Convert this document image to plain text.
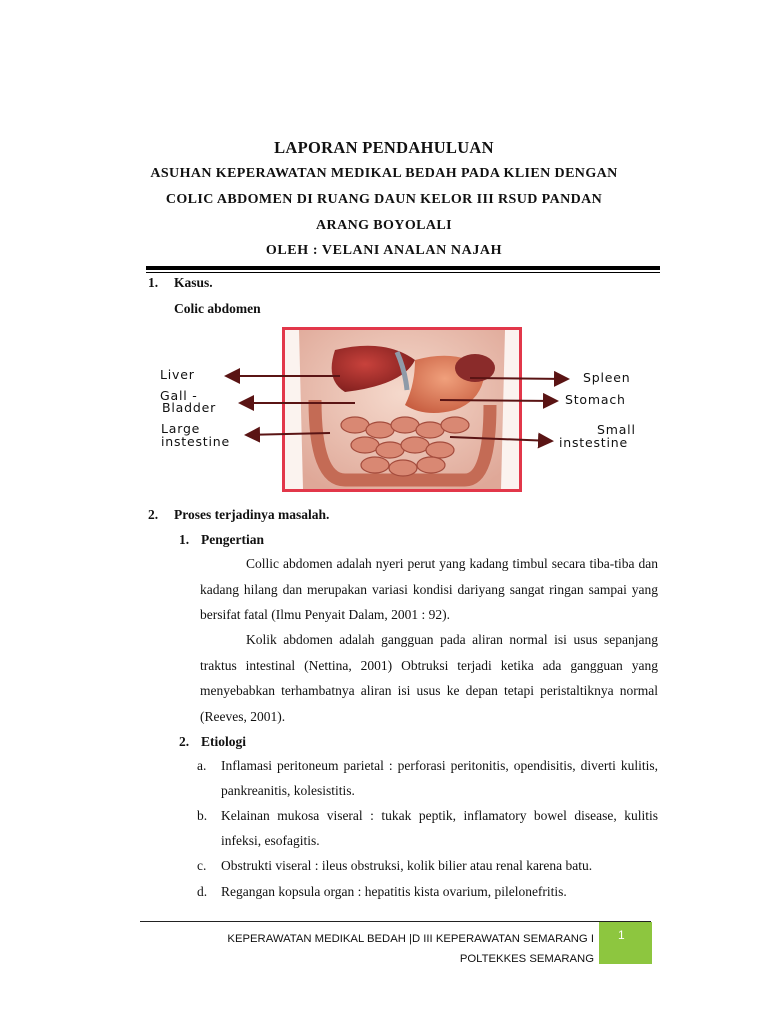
LAPORAN PENDAHULUAN
ASUHAN KEPERAWATAN MEDIKAL BEDAH PADA KLIEN DENGAN
COLIC ABDOMEN DI RUANG DAUN KELOR III RSUD PANDAN
ARANG BOYOLALI
OLEH : VELANI ANALAN NAJAH
1. Kasus.
Colic abdomen
Liver
Gall -
Bladder
Large
instestine
Spleen
Stomach
Small
instestine
2. Proses terjadinya masalah.
1. Pengertian
Collic abdomen adalah nyeri perut yang kadang timbul secara tiba-tiba dan kadang hilang dan merupakan variasi kondisi dariyang sangat ringan sampai yang bersifat fatal (Ilmu Penyait Dalam, 2001 : 92).
Kolik abdomen adalah gangguan pada aliran normal isi usus sepanjang traktus intestinal (Nettina, 2001) Obtruksi terjadi ketika ada gangguan yang menyebabkan terhambatnya aliran isi usus ke depan tetapi peristaltiknya normal (Reeves, 2001).
2. Etiologi
a. Inflamasi peritoneum parietal : perforasi peritonitis, opendisitis, diverti kulitis, pankreanitis, kolesistitis.
b. Kelainan mukosa viseral : tukak peptik, inflamatory bowel disease, kulitis infeksi, esofagitis.
c. Obstrukti viseral : ileus obstruksi, kolik bilier atau renal karena batu.
d. Regangan kopsula organ : hepatitis kista ovarium, pilelonefritis.
KEPERAWATAN MEDIKAL BEDAH |D III KEPERAWATAN SEMARANG I
POLTEKKES SEMARANG
1
